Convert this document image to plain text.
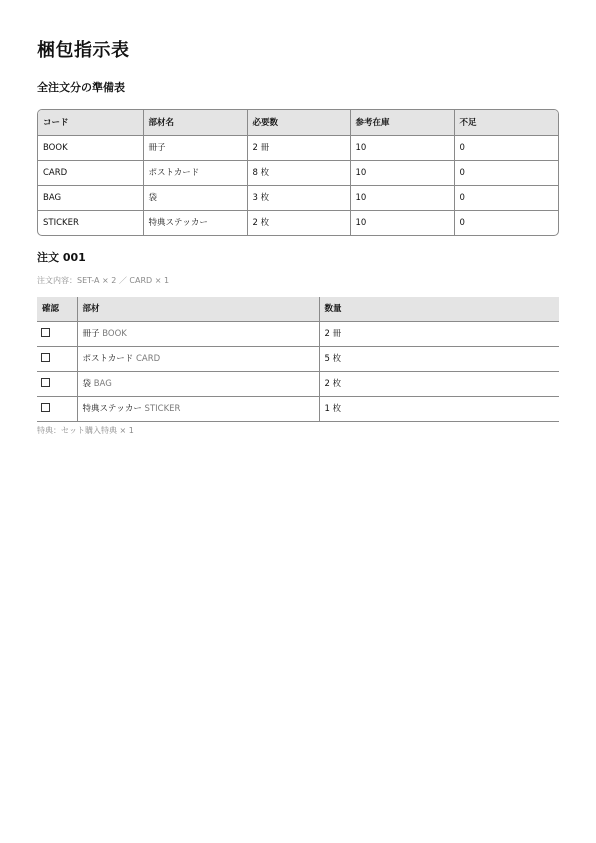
梱包指示表
全注文分の準備表
コード	部材名	必要数	参考在庫	不足
BOOK	冊子	2 冊	10	0
CARD	ポストカード	8 枚	10	0
BAG	袋	3 枚	10	0
STICKER	特典ステッカー	2 枚	10	0
注文 001
注文内容：SET-A × 2 ／ CARD × 1
確認	部材	数量
	冊子 BOOK	2 冊
	ポストカード CARD	5 枚
	袋 BAG	2 枚
	特典ステッカー STICKER	1 枚
特典：セット購入特典 × 1
